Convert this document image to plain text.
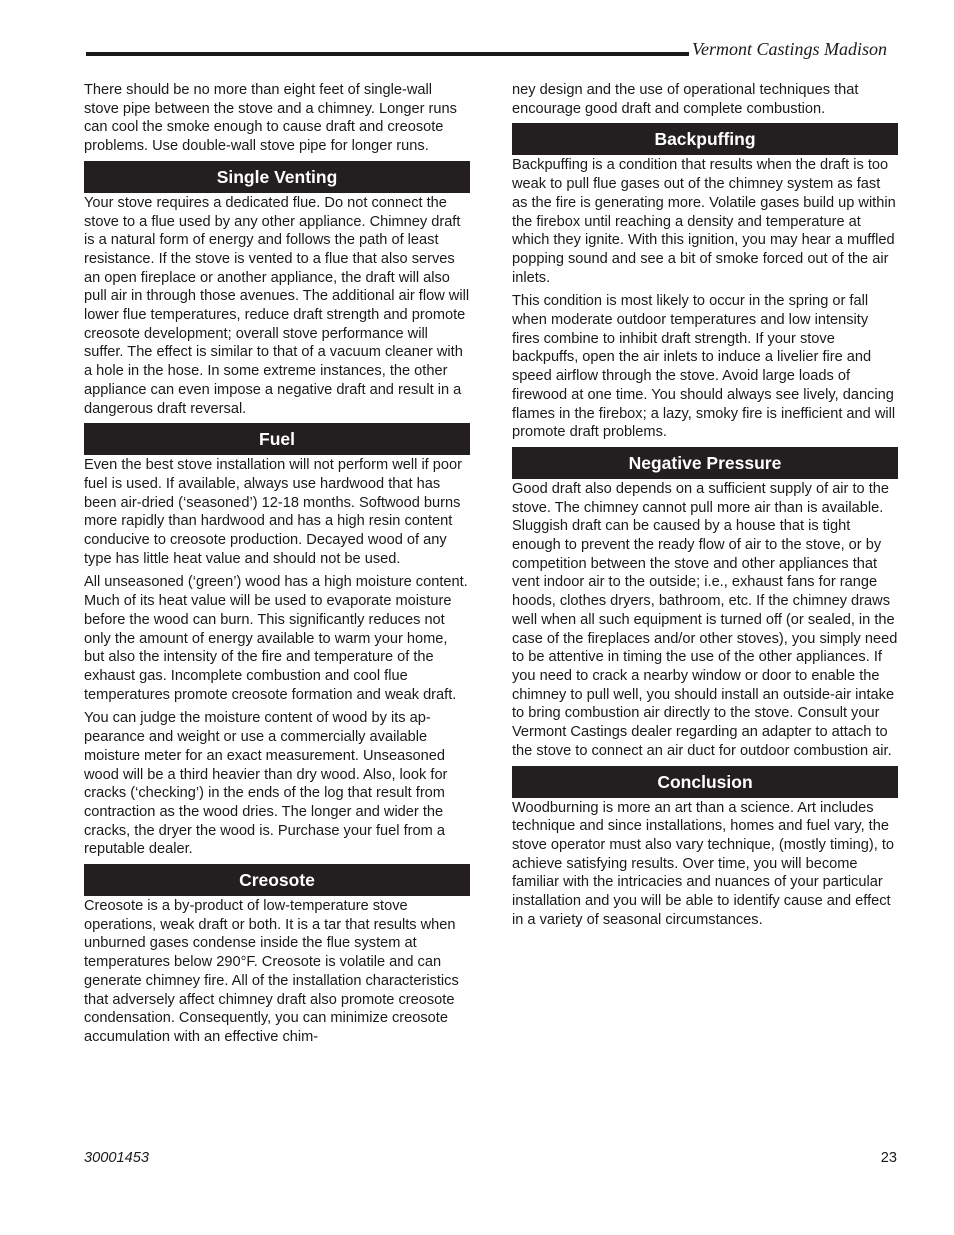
Vermont Castings Madison

There should be no more than eight feet of single-wall stove pipe between the stove and a chimney. Longer runs can cool the smoke enough to cause draft and creosote problems. Use double-wall stove pipe for longer runs.

Single Venting

Your stove requires a dedicated flue. Do not connect the stove to a flue used by any other appliance. Chimney draft is a natural form of energy and follows the path of least resistance. If the stove is vented to a flue that also serves an open fireplace or another appliance, the draft will also pull air in through those avenues. The additional air flow will lower flue temperatures, reduce draft strength and promote creosote development; overall stove performance will suffer. The effect is similar to that of a vacuum cleaner with a hole in the hose. In some extreme instances, the other appliance can even impose a negative draft and result in a dangerous draft reversal.

Fuel

Even the best stove installation will not perform well if poor fuel is used. If available, always use hardwood that has been air-dried (‘seasoned’) 12-18 months. Softwood burns more rapidly than hardwood and has a high resin content conducive to creosote production. Decayed wood of any type has little heat value and should not be used.

All unseasoned (‘green’) wood has a high moisture content. Much of its heat value will be used to evaporate moisture before the wood can burn. This significantly reduces not only the amount of energy available to warm your home, but also the intensity of the fire and temperature of the exhaust gas. Incomplete combustion and cool flue temperatures promote creosote formation and weak draft.

You can judge the moisture content of wood by its appearance and weight or use a commercially available moisture meter for an exact measurement. Unseasoned wood will be a third heavier than dry wood. Also, look for cracks (‘checking’) in the ends of the log that result from contraction as the wood dries. The longer and wider the cracks, the dryer the wood is. Purchase your fuel from a reputable dealer.

Creosote

Creosote is a by-product of low-temperature stove operations, weak draft or both. It is a tar that results when unburned gases condense inside the flue system at temperatures below 290°F. Creosote is volatile and can generate chimney fire. All of the installation characteristics that adversely affect chimney draft also promote creosote condensation. Consequently, you can minimize creosote accumulation with an effective chim-

ney design and the use of operational techniques that encourage good draft and complete combustion.

Backpuffing

Backpuffing is a condition that results when the draft is too weak to pull flue gases out of the chimney system as fast as the fire is generating more. Volatile gases build up within the firebox until reaching a density and temperature at which they ignite. With this ignition, you may hear a muffled popping sound and see a bit of smoke forced out of the air inlets.

This condition is most likely to occur in the spring or fall when moderate outdoor temperatures and low intensity fires combine to inhibit draft strength. If your stove backpuffs, open the air inlets to induce a livelier fire and speed airflow through the stove. Avoid large loads of firewood at one time. You should always see lively, dancing flames in the firebox; a lazy, smoky fire is inefficient and will promote draft problems.

Negative Pressure

Good draft also depends on a sufficient supply of air to the stove. The chimney cannot pull more air than is available. Sluggish draft can be caused by a house that is tight enough to prevent the ready flow of air to the stove, or by competition between the stove and other appliances that vent indoor air to the outside; i.e., exhaust fans for range hoods, clothes dryers, bathroom, etc. If the chimney draws well when all such equipment is turned off (or sealed, in the case of the fireplaces and/or other stoves), you simply need to be attentive in timing the use of the other appliances. If you need to crack a nearby window or door to enable the chimney to pull well, you should install an outside-air intake to bring combustion air directly to the stove. Consult your Vermont Castings dealer regarding an adapter to attach to the stove to connect an air duct for outdoor combustion air.

Conclusion

Woodburning is more an art than a science. Art includes technique and since installations, homes and fuel vary, the stove operator must also vary technique, (mostly timing), to achieve satisfying results. Over time, you will become familiar with the intricacies and nuances of your particular installation and you will be able to identify cause and effect in a variety of seasonal circumstances.

30001453	23
